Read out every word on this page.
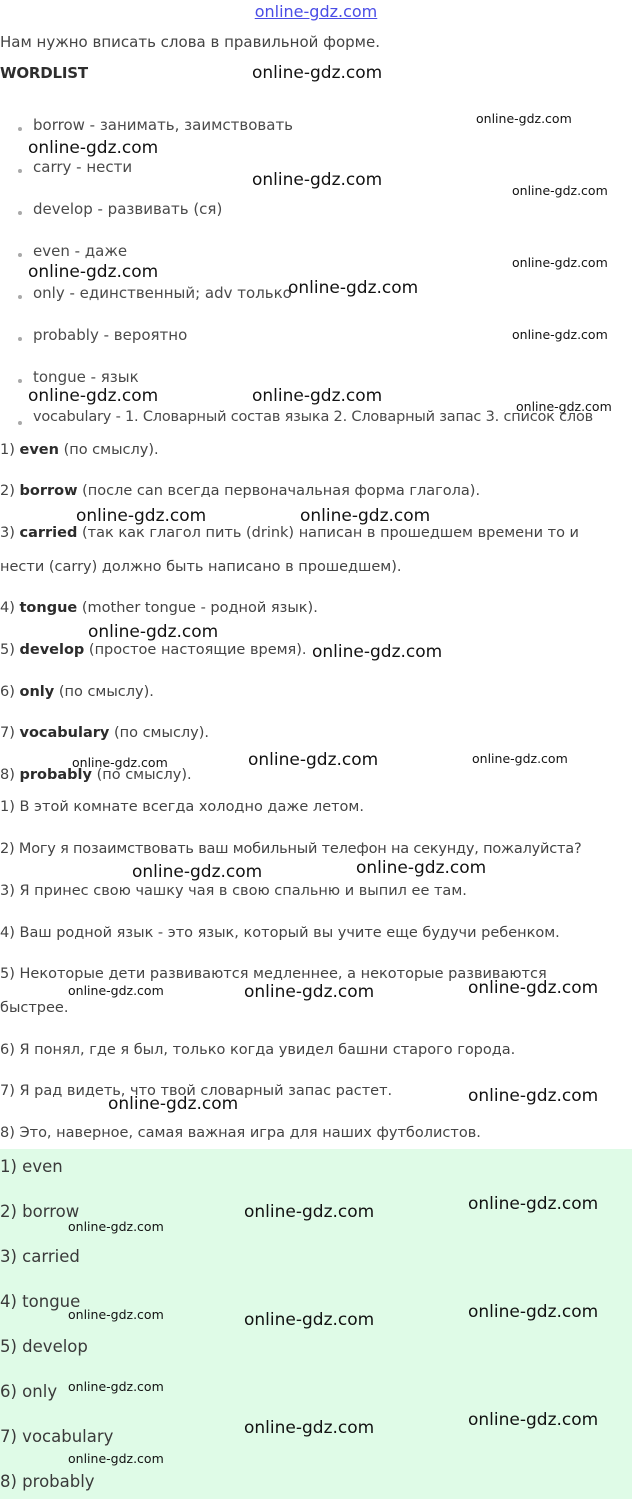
online-gdz.com
Нам нужно вписать слова в правильной форме.
WORDLIST
borrow - занимать, заимствовать
carry - нести
develop - развивать (ся)
even - даже
only - единственный; adv только
probably - вероятно
tongue - язык
vocabulary - 1. Словарный состав языка 2. Словарный запас 3. список слов
1) even (по смыслу).
2) borrow (после can всегда первоначальная форма глагола).
3) carried (так как глагол пить (drink) написан в прошедшем времени то и
нести (carry) должно быть написано в прошедшем).
4) tongue (mother tongue - родной язык).
5) develop (простое настоящие время).
6) only (по смыслу).
7) vocabulary (по смыслу).
8) probably (по смыслу).
1) В этой комнате всегда холодно даже летом.
2) Могу я позаимствовать ваш мобильный телефон на секунду, пожалуйста?
3) Я принес свою чашку чая в свою спальню и выпил ее там.
4) Ваш родной язык - это язык, который вы учите еще будучи ребенком.
5) Некоторые дети развиваются медленнее, а некоторые развиваются
быстрее.
6) Я понял, где я был, только когда увидел башни старого города.
7) Я рад видеть, что твой словарный запас растет.
8) Это, наверное, самая важная игра для наших футболистов.
1) even
2) borrow
3) carried
4) tongue
5) develop
6) only
7) vocabulary
8) probably
online-gdz.com
online-gdz.com
online-gdz.com
online-gdz.com
online-gdz.com
online-gdz.com
online-gdz.com
online-gdz.com
online-gdz.com
online-gdz.com	online-gdz.com
online-gdz.com
online-gdz.com	online-gdz.com
online-gdz.com
online-gdz.com
online-gdz.com	online-gdz.com	online-gdz.com
online-gdz.com	online-gdz.com
online-gdz.com	online-gdz.com	online-gdz.com
online-gdz.com	online-gdz.com
online-gdz.com
online-gdz.com
online-gdz.com
online-gdz.com
online-gdz.com	online-gdz.com
online-gdz.com
online-gdz.com
online-gdz.com
online-gdz.com
